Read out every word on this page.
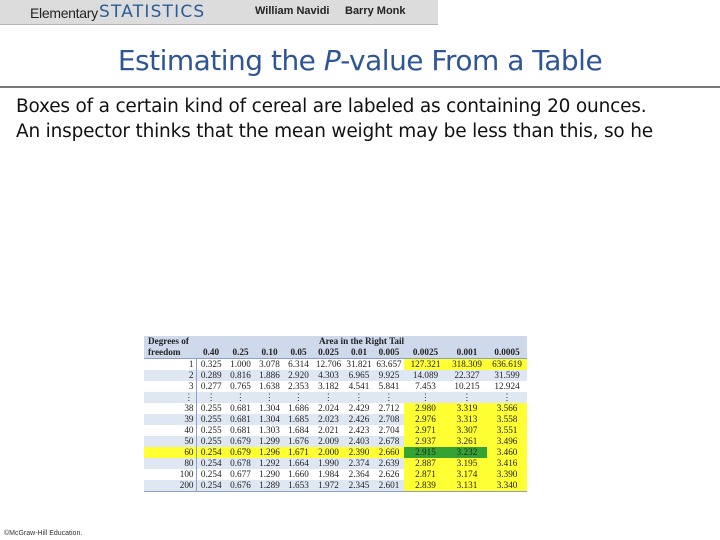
Elementary STATISTICS	William Navidi Barry Monk
Estimating the P-value From a Table
Boxes of a certain kind of cereal are labeled as containing 20 ounces.
An inspector thinks that the mean weight may be less than this, so he
Degrees of	Area in the Right Tail									
freedom	0.40	0.25	0.10	0.05	0.025	0.01	0.005	0.0025	0.001	0.0005
1	0.325	1.000	3.078	6.314	12.706	31.821	63.657	127.321	318.309	636.619
2	0.289	0.816	1.886	2.920	4.303	6.965	9.925	14.089	22.327	31.599
3	0.277	0.765	1.638	2.353	3.182	4.541	5.841	7.453	10.215	12.924
⋮	⋮	⋮	⋮	⋮	⋮	⋮	⋮	⋮	⋮	⋮
38	0.255	0.681	1.304	1.686	2.024	2.429	2.712	2.980	3.319	3.566
39	0.255	0.681	1.304	1.685	2.023	2.426	2.708	2.976	3.313	3.558
40	0.255	0.681	1.303	1.684	2.021	2.423	2.704	2.971	3.307	3.551
50	0.255	0.679	1.299	1.676	2.009	2.403	2.678	2.937	3.261	3.496
60	0.254	0.679	1.296	1.671	2.000	2.390	2.660	2.915	3.232	3.460
80	0.254	0.678	1.292	1.664	1.990	2.374	2.639	2.887	3.195	3.416
100	0.254	0.677	1.290	1.660	1.984	2.364	2.626	2.871	3.174	3.390
200	0.254	0.676	1.289	1.653	1.972	2.345	2.601	2.839	3.131	3.340
©McGraw-Hill Education.
